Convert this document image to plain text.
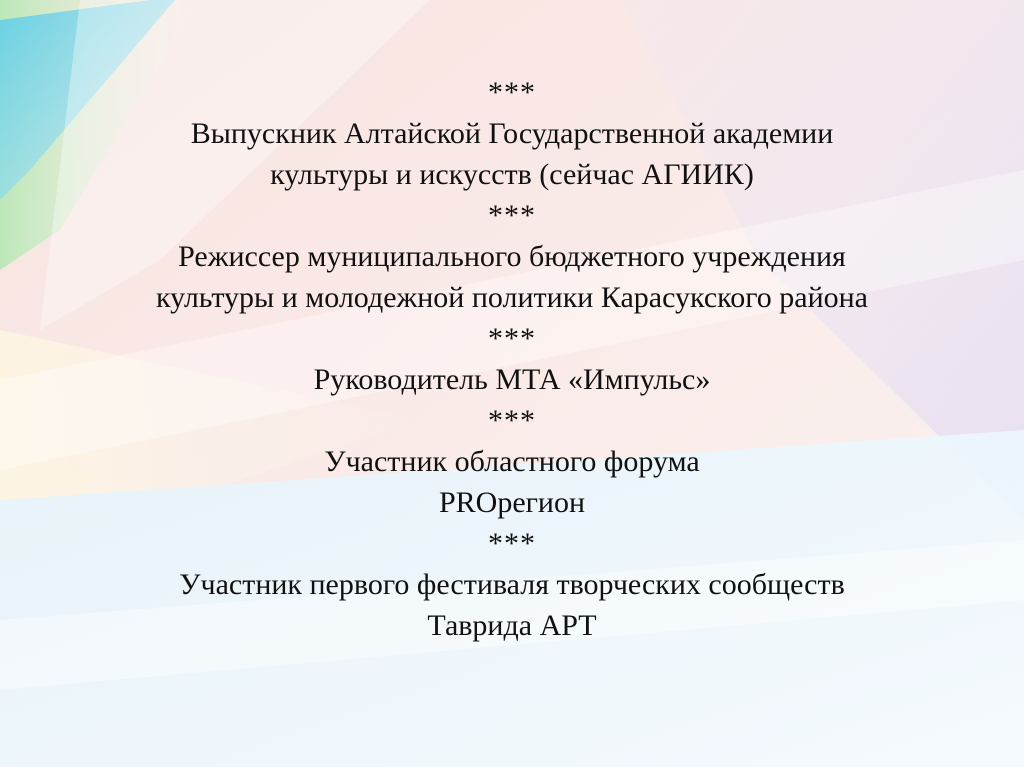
***
Выпускник Алтайской Государственной академии
культуры и искусств (сейчас АГИИК)
***
Режиссер муниципального бюджетного учреждения
культуры и молодежной политики Карасукского района
***
Руководитель МТА «Импульс»
***
Участник областного форума
PROрегион
***
Участник первого фестиваля творческих сообществ
Таврида АРТ
